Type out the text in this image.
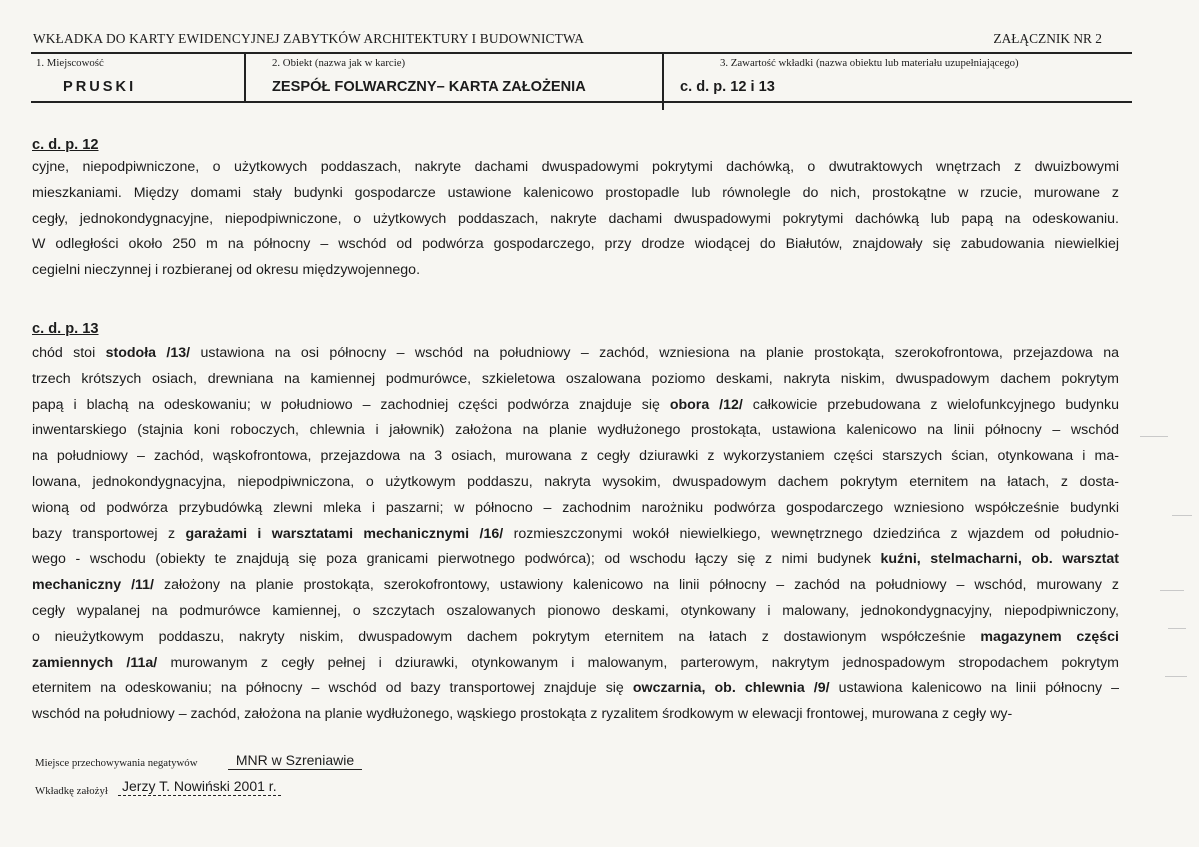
WKŁADKA DO KARTY EWIDENCYJNEJ ZABYTKÓW ARCHITEKTURY I BUDOWNICTWA	ZAŁĄCZNIK NR 2
1. Miejscowość	2. Obiekt (nazwa jak w karcie)	3. Zawartość wkładki (nazwa obiektu lub materiału uzupełniającego)
PRUSKI	ZESPÓŁ FOLWARCZNY– KARTA ZAŁOŻENIA	c. d. p. 12 i 13
c. d. p. 12
cyjne, niepodpiwniczone, o użytkowych poddaszach, nakryte dachami dwuspadowymi pokrytymi dachówką, o dwutraktowych wnętrzach z dwuizbowymi
mieszkaniami. Między domami stały budynki gospodarcze ustawione kalenicowo prostopadle lub równolegle do nich, prostokątne w rzucie, murowane z
cegły, jednokondygnacyjne, niepodpiwniczone, o użytkowych poddaszach, nakryte dachami dwuspadowymi pokrytymi dachówką lub papą na odeskowaniu.
W odległości około 250 m na północny – wschód od podwórza gospodarczego, przy drodze wiodącej do Białutów, znajdowały się zabudowania niewielkiej
cegielni nieczynnej i rozbieranej od okresu międzywojennego.
c. d. p. 13
chód stoi stodoła /13/ ustawiona na osi północny – wschód na południowy – zachód, wzniesiona na planie prostokąta, szerokofrontowa, przejazdowa na
trzech krótszych osiach, drewniana na kamiennej podmurówce, szkieletowa oszalowana poziomo deskami, nakryta niskim, dwuspadowym dachem pokrytym
papą i blachą na odeskowaniu; w południowo – zachodniej części podwórza znajduje się obora /12/ całkowicie przebudowana z wielofunkcyjnego budynku
inwentarskiego (stajnia koni roboczych, chlewnia i jałownik) założona na planie wydłużonego prostokąta, ustawiona kalenicowo na linii północny – wschód
na południowy – zachód, wąskofrontowa, przejazdowa na 3 osiach, murowana z cegły dziurawki z wykorzystaniem części starszych ścian, otynkowana i ma-
lowana, jednokondygnacyjna, niepodpiwniczona, o użytkowym poddaszu, nakryta wysokim, dwuspadowym dachem pokrytym eternitem na łatach, z dosta-
wioną od podwórza przybudówką zlewni mleka i paszarni; w północno – zachodnim narożniku podwórza gospodarczego wzniesiono współcześnie budynki
bazy transportowej z garażami i warsztatami mechanicznymi /16/ rozmieszczonymi wokół niewielkiego, wewnętrznego dziedzińca z wjazdem od południo-
wego - wschodu (obiekty te znajdują się poza granicami pierwotnego podwórca); od wschodu łączy się z nimi budynek kuźni, stelmacharni, ob. warsztat
mechaniczny /11/ założony na planie prostokąta, szerokofrontowy, ustawiony kalenicowo na linii północny – zachód na południowy – wschód, murowany z
cegły wypalanej na podmurówce kamiennej, o szczytach oszalowanych pionowo deskami, otynkowany i malowany, jednokondygnacyjny, niepodpiwniczony,
o nieużytkowym poddaszu, nakryty niskim, dwuspadowym dachem pokrytym eternitem na łatach z dostawionym współcześnie magazynem części
zamiennych /11a/ murowanym z cegły pełnej i dziurawki, otynkowanym i malowanym, parterowym, nakrytym jednospadowym stropodachem pokrytym
eternitem na odeskowaniu; na północny – wschód od bazy transportowej znajduje się owczarnia, ob. chlewnia /9/ ustawiona kalenicowo na linii północny –
wschód na południowy – zachód, założona na planie wydłużonego, wąskiego prostokąta z ryzalitem środkowym w elewacji frontowej, murowana z cegły wy-
Miejsce przechowywania negatywów	MNR w Szreniawie
Wkładkę założył Jerzy T. Nowiński 2001 r.
